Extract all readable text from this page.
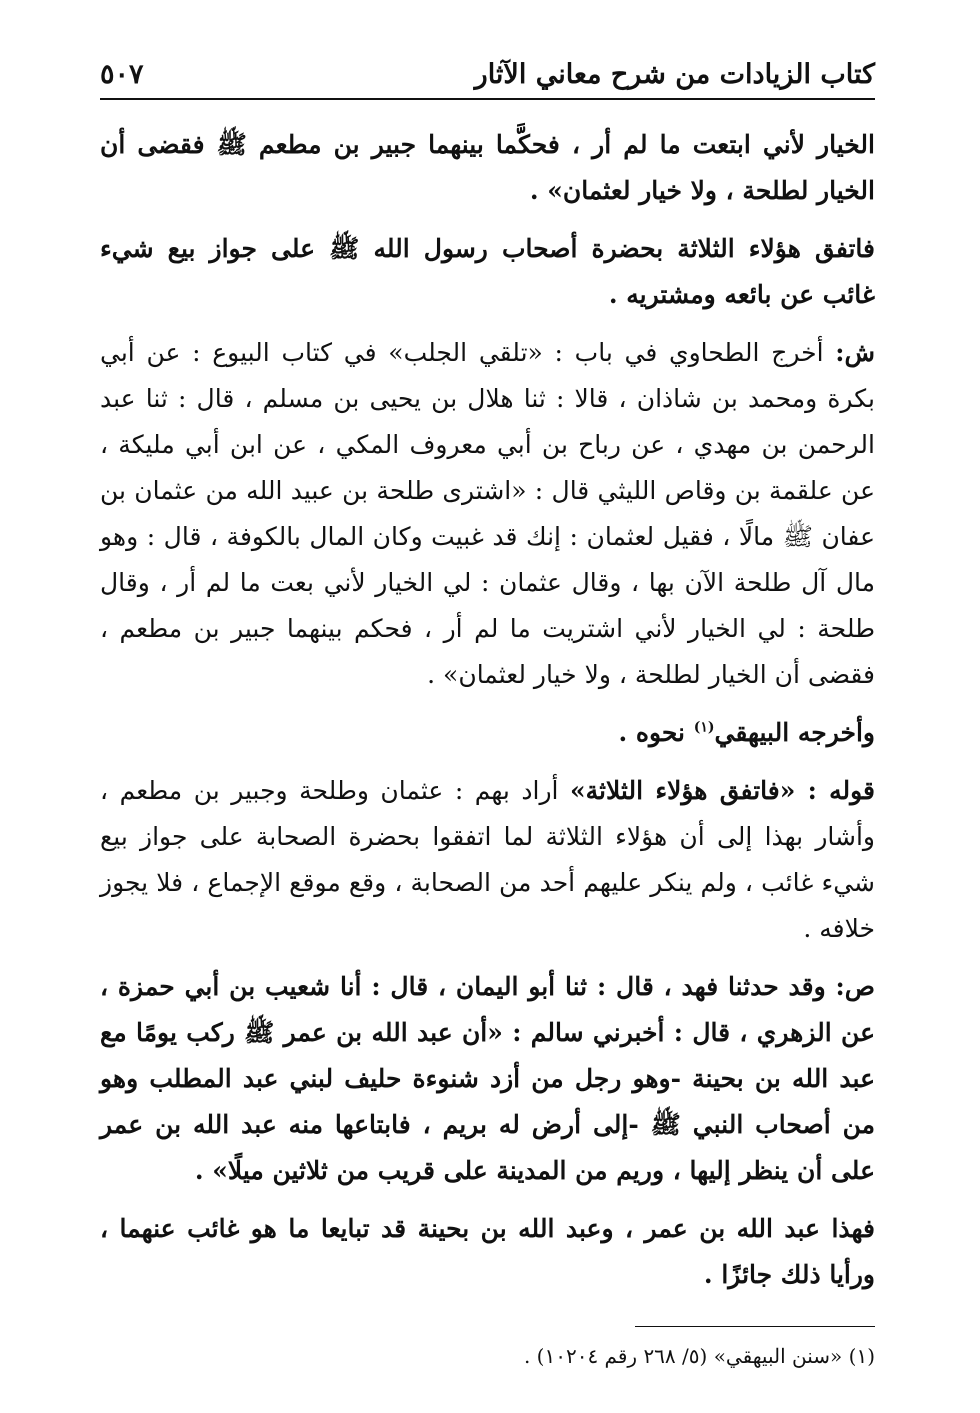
كتاب الزيادات من شرح معاني الآثار
٥٠٧

الخيار لأني ابتعت ما لم أر ، فحكَّما بينهما جبير بن مطعم ﷺ فقضى أن الخيار لطلحة ، ولا خيار لعثمان» .

فاتفق هؤلاء الثلاثة بحضرة أصحاب رسول الله ﷺ على جواز بيع شيء غائب عن بائعه ومشتريه .

ش: أخرج الطحاوي في باب : «تلقي الجلب» في كتاب البيوع : عن أبي بكرة ومحمد بن شاذان ، قالا : ثنا هلال بن يحيى بن مسلم ، قال : ثنا عبد الرحمن بن مهدي ، عن رباح بن أبي معروف المكي ، عن ابن أبي مليكة ، عن علقمة بن وقاص الليثي قال : «اشترى طلحة بن عبيد الله من عثمان بن عفان ﷺ مالًا ، فقيل لعثمان : إنك قد غبيت وكان المال بالكوفة ، قال : وهو مال آل طلحة الآن بها ، وقال عثمان : لي الخيار لأني بعت ما لم أر ، وقال طلحة : لي الخيار لأني اشتريت ما لم أر ، فحكم بينهما جبير بن مطعم ، فقضى أن الخيار لطلحة ، ولا خيار لعثمان» .

وأخرجه البيهقي$^{(١)}$ نحوه .

قوله : «فاتفق هؤلاء الثلاثة» أراد بهم : عثمان وطلحة وجبير بن مطعم ، وأشار بهذا إلى أن هؤلاء الثلاثة لما اتفقوا بحضرة الصحابة على جواز بيع شيء غائب ، ولم ينكر عليهم أحد من الصحابة ، وقع موقع الإجماع ، فلا يجوز خلافه .

ص: وقد حدثنا فهد ، قال : ثنا أبو اليمان ، قال : أنا شعيب بن أبي حمزة ، عن الزهري ، قال : أخبرني سالم : «أن عبد الله بن عمر ﷺ ركب يومًا مع عبد الله بن بحينة -وهو رجل من أزد شنوءة حليف لبني عبد المطلب وهو من أصحاب النبي ﷺ -إلى أرض له بريم ، فابتاعها منه عبد الله بن عمر على أن ينظر إليها ، وريم من المدينة على قريب من ثلاثين ميلًا» .

فهذا عبد الله بن عمر ، وعبد الله بن بحينة قد تبايعا ما هو غائب عنهما ، ورأيا ذلك جائزًا .

(١) «سنن البيهقي» (٥/ ٢٦٨ رقم ١٠٢٠٤) .
